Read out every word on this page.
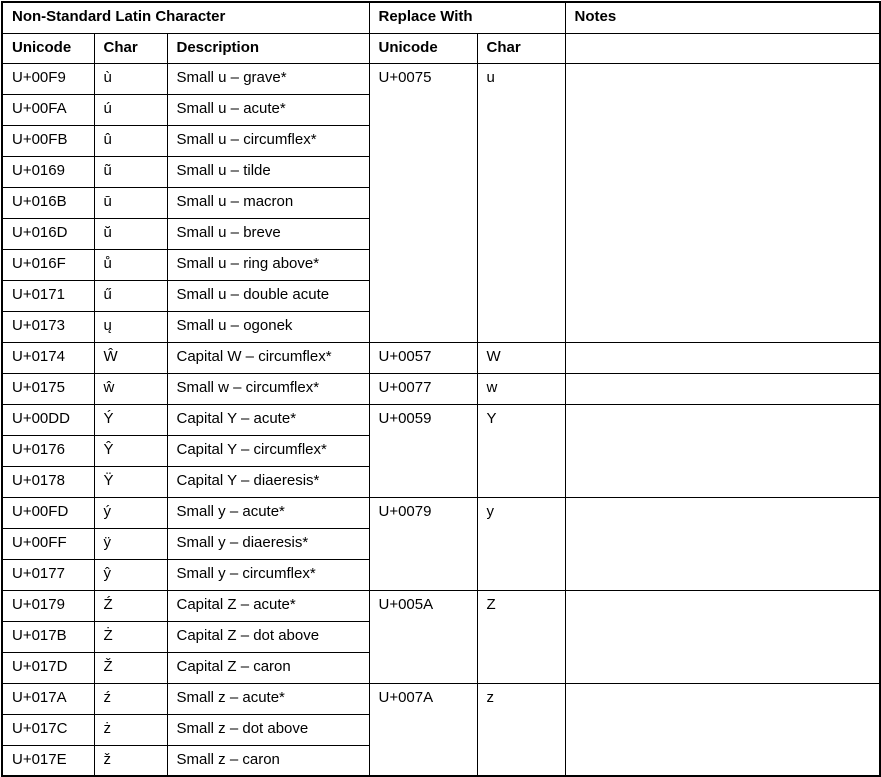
Non-Standard Latin Character			Replace With		Notes
Unicode	Char	Description	Unicode	Char	
U+00F9	ù	Small u – grave*	U+0075	u	
U+00FA	ú	Small u – acute*			
U+00FB	û	Small u – circumflex*			
U+0169	ũ	Small u – tilde			
U+016B	ū	Small u – macron			
U+016D	ŭ	Small u – breve			
U+016F	ů	Small u – ring above*			
U+0171	ű	Small u – double acute			
U+0173	ų	Small u – ogonek			
U+0174	Ŵ	Capital W – circumflex*	U+0057	W	
U+0175	ŵ	Small w – circumflex*	U+0077	w	
U+00DD	Ý	Capital Y – acute*	U+0059	Y	
U+0176	Ŷ	Capital Y – circumflex*			
U+0178	Ÿ	Capital Y – diaeresis*			
U+00FD	ý	Small y – acute*	U+0079	y	
U+00FF	ÿ	Small y – diaeresis*			
U+0177	ŷ	Small y – circumflex*			
U+0179	Ź	Capital Z – acute*	U+005A	Z	
U+017B	Ż	Capital Z – dot above			
U+017D	Ž	Capital Z – caron			
U+017A	ź	Small z – acute*	U+007A	z	
U+017C	ż	Small z – dot above			
U+017E	ž	Small z – caron			
